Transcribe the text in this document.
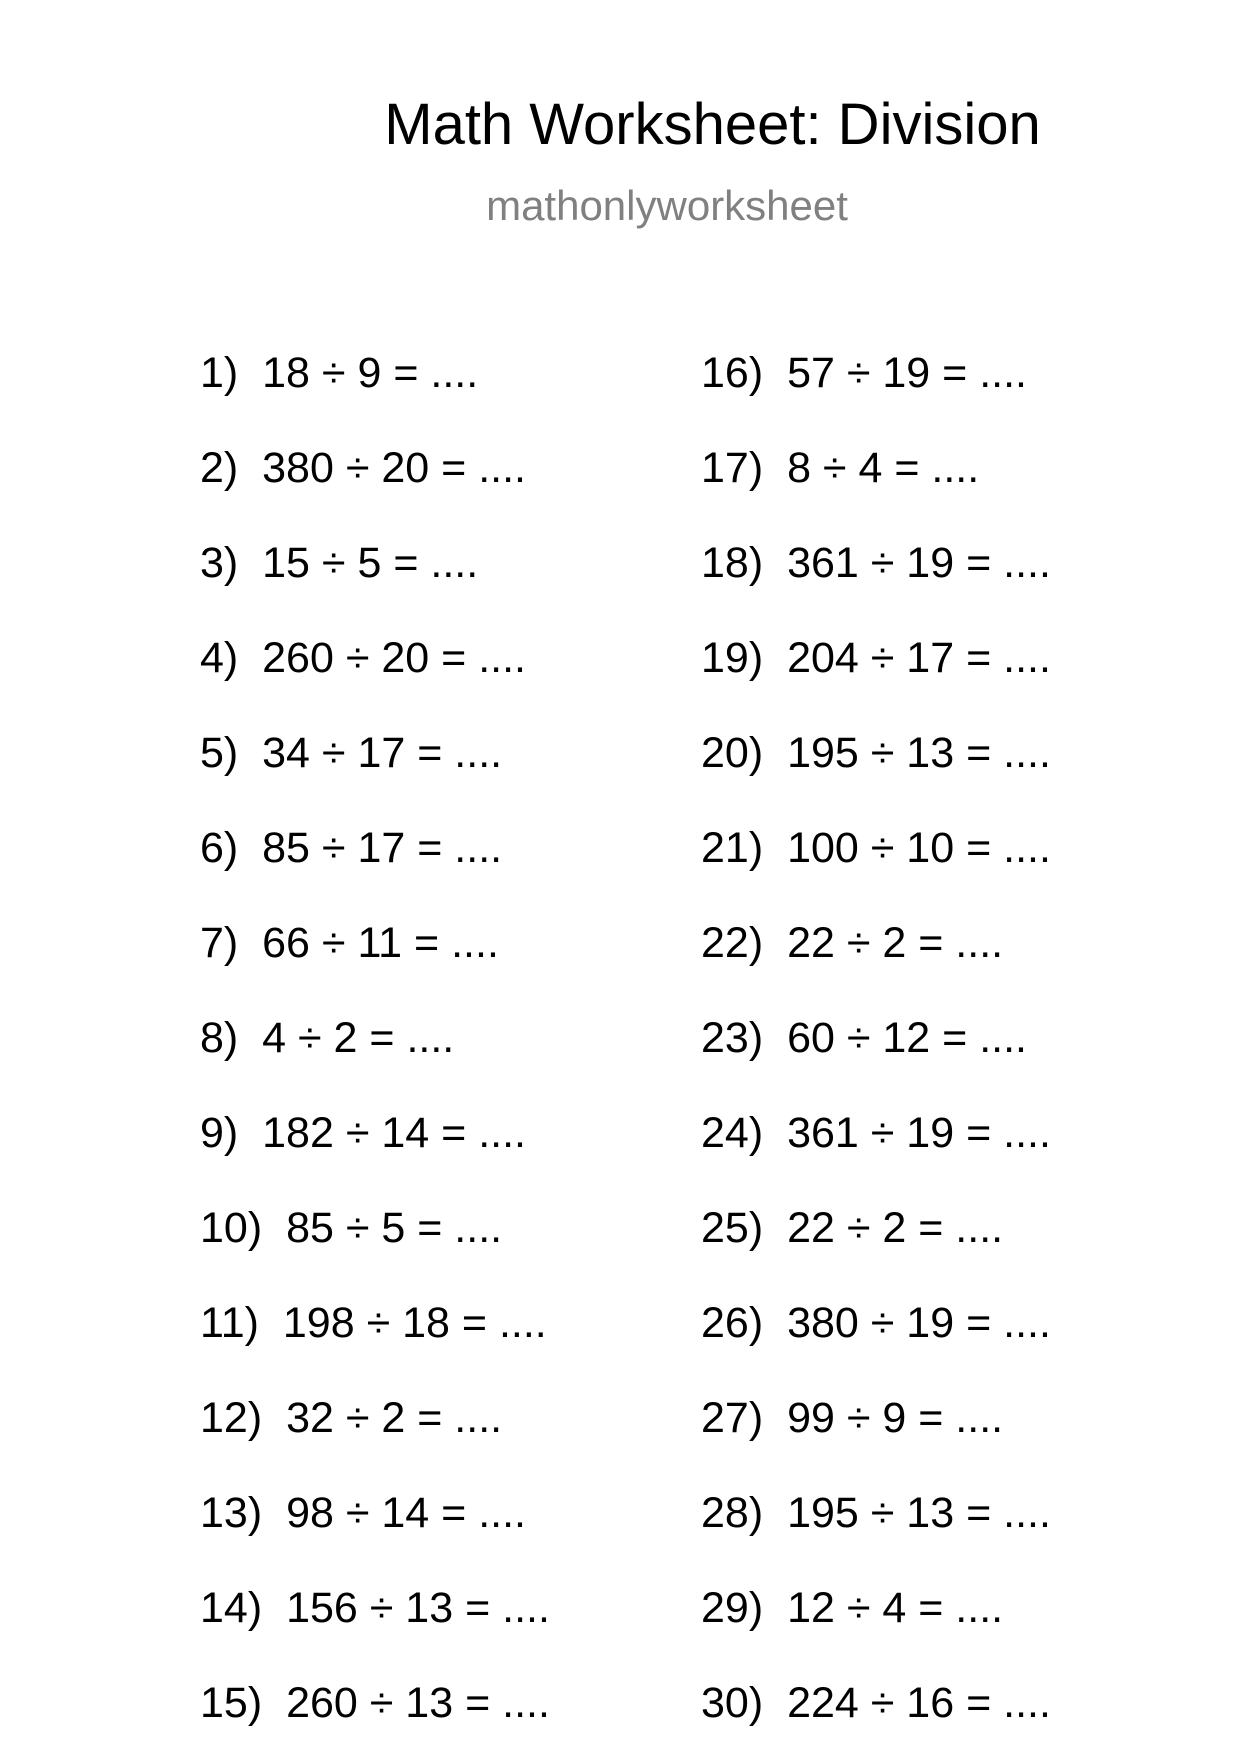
Math Worksheet: Division
mathonlyworksheet
1) 18 ÷ 9 = ....
2) 380 ÷ 20 = ....
3) 15 ÷ 5 = ....
4) 260 ÷ 20 = ....
5) 34 ÷ 17 = ....
6) 85 ÷ 17 = ....
7) 66 ÷ 11 = ....
8) 4 ÷ 2 = ....
9) 182 ÷ 14 = ....
10) 85 ÷ 5 = ....
11) 198 ÷ 18 = ....
12) 32 ÷ 2 = ....
13) 98 ÷ 14 = ....
14) 156 ÷ 13 = ....
15) 260 ÷ 13 = ....
16) 57 ÷ 19 = ....
17) 8 ÷ 4 = ....
18) 361 ÷ 19 = ....
19) 204 ÷ 17 = ....
20) 195 ÷ 13 = ....
21) 100 ÷ 10 = ....
22) 22 ÷ 2 = ....
23) 60 ÷ 12 = ....
24) 361 ÷ 19 = ....
25) 22 ÷ 2 = ....
26) 380 ÷ 19 = ....
27) 99 ÷ 9 = ....
28) 195 ÷ 13 = ....
29) 12 ÷ 4 = ....
30) 224 ÷ 16 = ....
